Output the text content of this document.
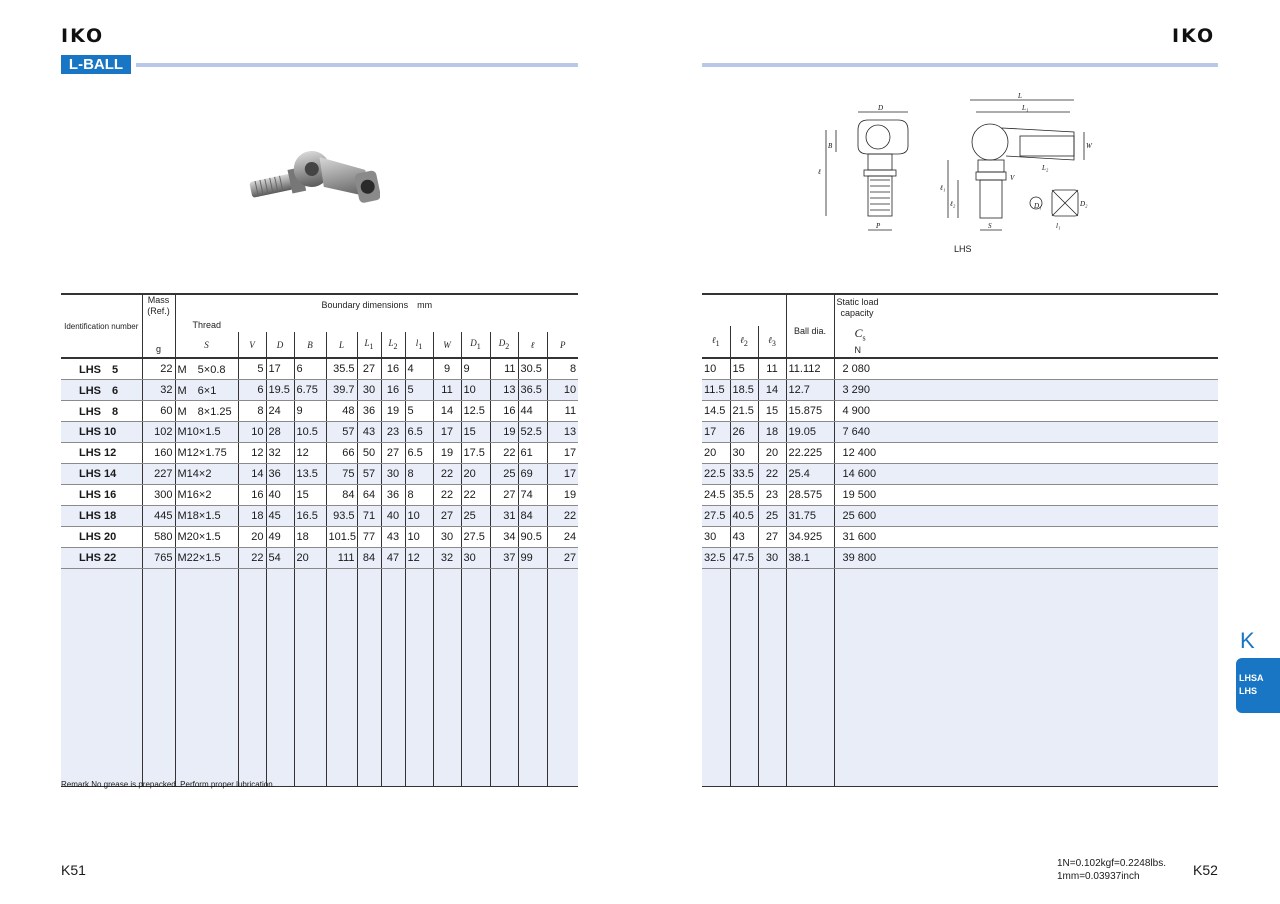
IKO
L-BALL
Identification number	Mass
(Ref.)	Boundary dimensions　mm												
		Thread												
	g	S	V	D	B	L	$L_1$	$L_2$	$l_1$	W	$D_1$	$D_2$	ℓ	P
LHS　5	22	M　5×0.8	5	17	6	35.5	27	16	4	9	9	11	30.5	8
LHS　6	32	M　6×1	6	19.5	6.75	39.7	30	16	5	11	10	13	36.5	10
LHS　8	60	M　8×1.25	8	24	9	48	36	19	5	14	12.5	16	44	11
LHS 10	102	M10×1.5	10	28	10.5	57	43	23	6.5	17	15	19	52.5	13
LHS 12	160	M12×1.75	12	32	12	66	50	27	6.5	19	17.5	22	61	17
LHS 14	227	M14×2	14	36	13.5	75	57	30	8	22	20	25	69	17
LHS 16	300	M16×2	16	40	15	84	64	36	8	22	22	27	74	19
LHS 18	445	M18×1.5	18	45	16.5	93.5	71	40	10	27	25	31	84	22
LHS 20	580	M20×1.5	20	49	18	101.5	77	43	10	30	27.5	34	90.5	24
LHS 22	765	M22×1.5	22	54	20	111	84	47	12	32	30	37	99	27

Remark No grease is prepacked. Perform proper lubrication.
K51
IKO
D
B
ℓ
P
L
L₁
W
V
L₂
ℓ₁
ℓ₂
S
D₂
D₁
l₁
LHS
				Static load
capacity
ℓ$_1$	ℓ$_2$	ℓ$_3$	Ball dia.	$C_s$
N
10	15	11	11.112	2 080
11.5	18.5	14	12.7	3 290
14.5	21.5	15	15.875	4 900
17	26	18	19.05	7 640
20	30	20	22.225	12 400
22.5	33.5	22	25.4	14 600
24.5	35.5	23	28.575	19 500
27.5	40.5	25	31.75	25 600
30	43	27	34.925	31 600
32.5	47.5	30	38.1	39 800

K
LHSA
LHS
1N=0.102kgf=0.2248lbs.
1mm=0.03937inch	K52
